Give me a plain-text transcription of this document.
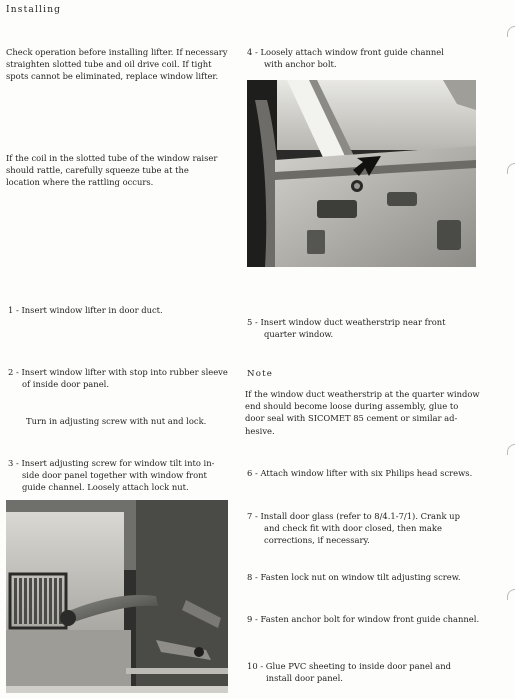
Installing
Check operation before installing lifter. If necessary
straighten slotted tube and oil drive coil. If tight
spots cannot be eliminated, replace window lifter.
If the coil in the slotted tube of the window raiser
should rattle, carefully squeeze tube at the
location where the rattling occurs.
1 - Insert window lifter in door duct.
2 - Insert window lifter with stop into rubber sleeve
of inside door panel.
Turn in adjusting screw with nut and lock.
3 - Insert adjusting screw for window tilt into in-
side door panel together with window front
guide channel. Loosely attach lock nut.
4 - Loosely attach window front guide channel
with anchor bolt.
5 - Insert window duct weatherstrip near front
quarter window.
Note
If the window duct weatherstrip at the quarter window
end should become loose during assembly, glue to
door seal with SICOMET 85 cement or similar ad-
hesive.
6 - Attach window lifter with six Philips head screws.
7 - Install door glass (refer to 8/4.1-7/1). Crank up
and check fit with door closed, then make
corrections, if necessary.
8 - Fasten lock nut on window tilt adjusting screw.
9 - Fasten anchor bolt for window front guide channel.
10 - Glue PVC sheeting to inside door panel and
install door panel.
